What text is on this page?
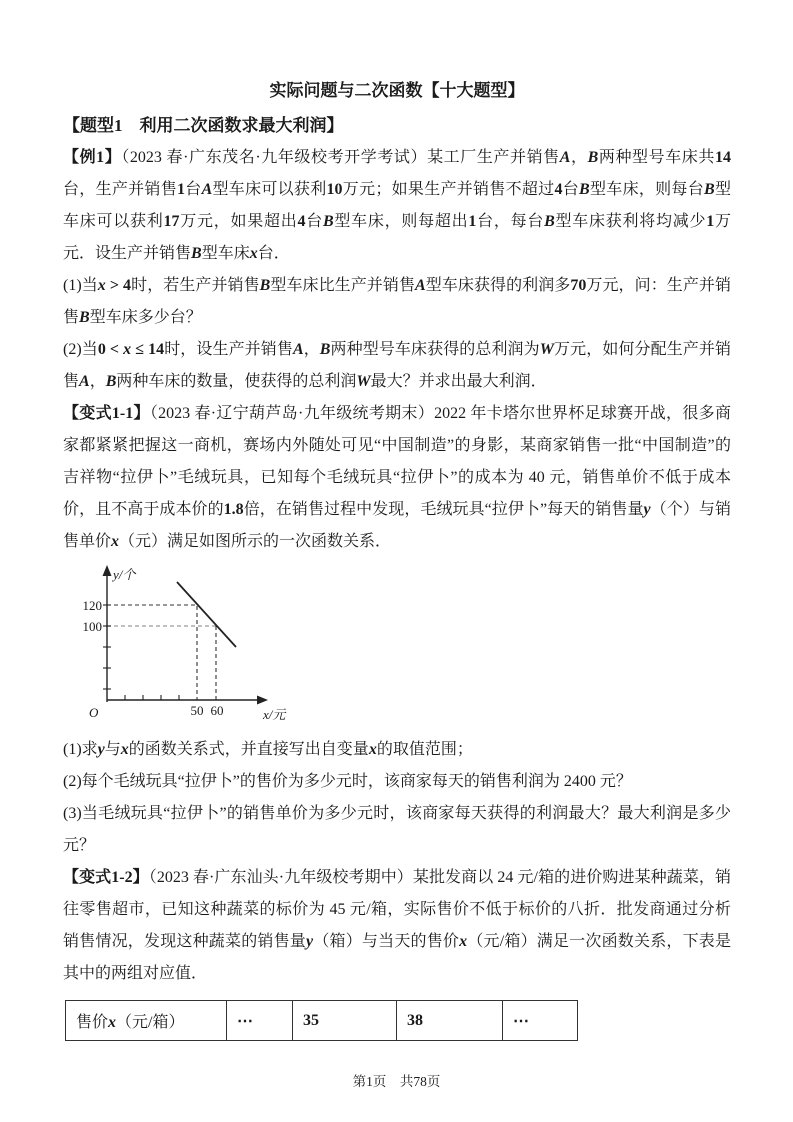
实际问题与二次函数【十大题型】
【题型1　利用二次函数求最大利润】

【例1】（2023 春·广东茂名·九年级校考开学考试）某工厂生产并销售A，B两种型号车床共14台，生产并销售1台A型车床可以获利10万元；如果生产并销售不超过4台B型车床，则每台B型车床可以获利17万元，如果超出4台B型车床，则每超出1台，每台B型车床获利将均减少1万元．设生产并销售B型车床x台．

(1)当x > 4时，若生产并销售B型车床比生产并销售A型车床获得的利润多70万元，问：生产并销售B型车床多少台？

(2)当0 < x ≤ 14时，设生产并销售A，B两种型号车床获得的总利润为W万元，如何分配生产并销售A，B两种车床的数量，使获得的总利润W最大？并求出最大利润．

【变式1-1】（2023 春·辽宁葫芦岛·九年级统考期末）2022 年卡塔尔世界杯足球赛开战，很多商家都紧紧把握这一商机，赛场内外随处可见“中国制造”的身影，某商家销售一批“中国制造”的吉祥物“拉伊卜”毛绒玩具，已知每个毛绒玩具“拉伊卜”的成本为 40 元，销售单价不低于成本价，且不高于成本价的1.8倍，在销售过程中发现，毛绒玩具“拉伊卜”每天的销售量y（个）与销售单价x（元）满足如图所示的一次函数关系．

y/个
x/元
O
120
100
50 60

(1)求y与x的函数关系式，并直接写出自变量x的取值范围；

(2)每个毛绒玩具“拉伊卜”的售价为多少元时，该商家每天的销售利润为 2400 元？

(3)当毛绒玩具“拉伊卜”的销售单价为多少元时，该商家每天获得的利润最大？最大利润是多少元？

【变式1-2】（2023 春·广东汕头·九年级校考期中）某批发商以 24 元/箱的进价购进某种蔬菜，销往零售超市，已知这种蔬菜的标价为 45 元/箱，实际售价不低于标价的八折．批发商通过分析销售情况，发现这种蔬菜的销售量y（箱）与当天的售价x（元/箱）满足一次函数关系，下表是其中的两组对应值．

售价x（元/箱）	⋯	35	38	⋯
第1页　共78页
